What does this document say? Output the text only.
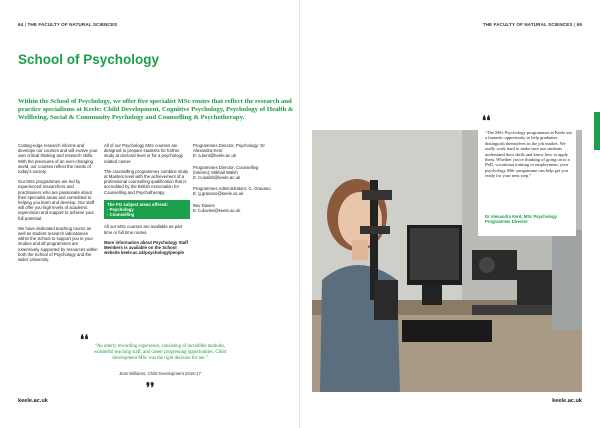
64 | THE FACULTY OF NATURAL SCIENCES	THE FACULTY OF NATURAL SCIENCES | 65
School of Psychology

Within the School of Psychology, we offer five specialist MSc routes that reflect the research and practice specialisms at Keele: Child Development, Cognitive Psychology, Psychology of Health & Wellbeing, Social & Community Psychology and Counselling & Psychotherapy.

Cutting-edge research informs and develops our courses and will evolve your own critical thinking and research skills. With the pressures of an ever-changing world, our courses reflect the needs of today's society.

Our MSc programmes are led by experienced researchers and practitioners who are passionate about their specialist areas and committed to helping you learn and develop. Our staff will offer you high levels of academic supervision and support to achieve your full potential.

We have dedicated teaching rooms as well as student research laboratories within the School to support you in your studies and all programmes are extensively supported by resources within both the School of Psychology and the wider University.

All of our Psychology MSc courses are designed to prepare students for further study at doctoral level or for a psychology related career.

The counselling programmes combine study at Masters level with the achievement of a professional counselling qualification that is accredited by the British Association for Counselling and Psychotherapy.

The PG subject areas offered:
- Psychology
- Counselling

All our MSc courses are available as part time or full time routes.

More information about Psychology Staff Members is available on the School website keele.ac.uk/psychology/people

Programmes Director, Psychology: Dr Alexandra Kent
E: a.kent@keele.ac.uk

Programmes Director, Counselling (Interim): Mikhail Walsh
E: m.walsh@keele.ac.uk

Programmes Administrators: G. Gravano
E: g.gravano@keele.ac.uk

Bev Davies
E: b.davies@keele.ac.uk

❛❛

“The MSc Psychology programmes at Keele are a fantastic opportunity to help graduates distinguish themselves in the job market. We really work hard to make sure our students understand their skills and know how to apply them. Whether you're thinking of going on to a PhD, vocational training or employment, your psychology MSc programme can help get you ready for your next step.”

Dr Alexandra Kent, MSc Psychology Programmes Director

❛❛	“An utterly rewarding experience, consisting of incredible modules, wonderful teaching staff, and career progressing opportunities. Child development MSc was the right decision for me.”

Jess Williams, Child Development 2016-17

❜❜
keele.ac.uk	keele.ac.uk
